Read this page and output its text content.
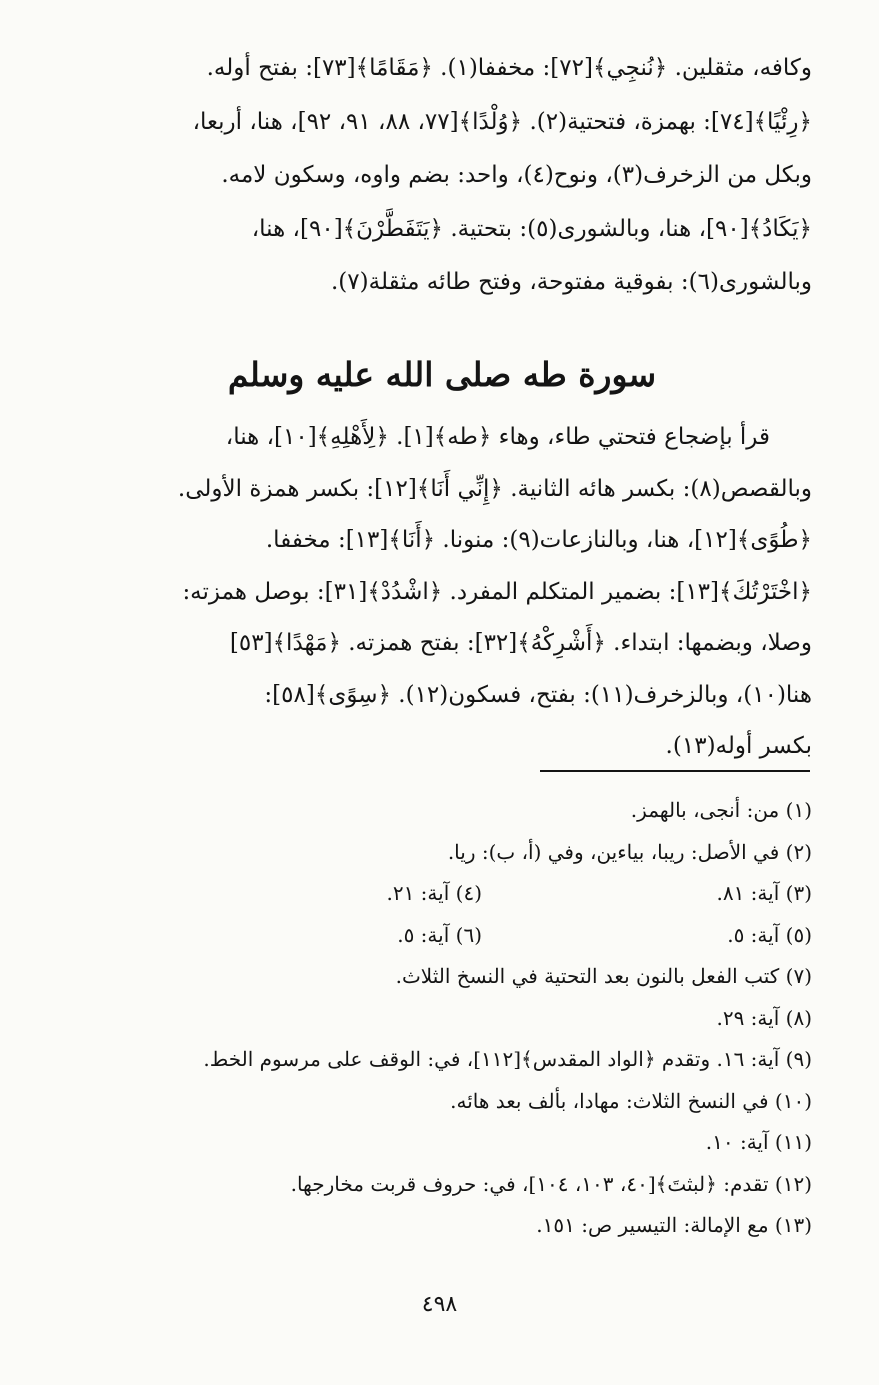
وكافه، مثقلين. ﴿نُنجِي﴾[٧٢]: مخففا(١). ﴿مَقَامًا﴾[٧٣]: بفتح أوله.
﴿رِئْيًا﴾[٧٤]: بهمزة، فتحتية(٢). ﴿وُلْدًا﴾[٧٧، ٨٨، ٩١، ٩٢]، هنا، أربعا،
وبكل من الزخرف(٣)، ونوح(٤)، واحد: بضم واوه، وسكون لامه.
﴿يَكَادُ﴾[٩٠]، هنا، وبالشورى(٥): بتحتية. ﴿يَتَفَطَّرْنَ﴾[٩٠]، هنا،
وبالشورى(٦): بفوقية مفتوحة، وفتح طائه مثقلة(٧).
سورة طه صلى الله عليه وسلم
قرأ بإضجاع فتحتي طاء، وهاء ﴿طه﴾[١]. ﴿لِأَهْلِهِ﴾[١٠]، هنا،
وبالقصص(٨): بكسر هائه الثانية. ﴿إِنِّي أَنَا﴾[١٢]: بكسر همزة الأولى.
﴿طُوًى﴾[١٢]، هنا، وبالنازعات(٩): منونا. ﴿أَنَا﴾[١٣]: مخففا.
﴿اخْتَرْتُكَ﴾[١٣]: بضمير المتكلم المفرد. ﴿اشْدُدْ﴾[٣١]: بوصل همزته:
وصلا، وبضمها: ابتداء. ﴿أَشْرِكْهُ﴾[٣٢]: بفتح همزته. ﴿مَهْدًا﴾[٥٣]
هنا(١٠)، وبالزخرف(١١): بفتح، فسكون(١٢). ﴿سِوًى﴾[٥٨]:
بكسر أوله(١٣).
(١) من: أنجى، بالهمز.
(٢) في الأصل: ريبا، بياءين، وفي (أ، ب): ريا.
(٣) آية: ٨١.
(٤) آية: ٢١.
(٥) آية: ٥.
(٦) آية: ٥.
(٧) كتب الفعل بالنون بعد التحتية في النسخ الثلاث.
(٨) آية: ٢٩.
(٩) آية: ١٦. وتقدم ﴿الواد المقدس﴾[١١٢]، في: الوقف على مرسوم الخط.
(١٠) في النسخ الثلاث: مهادا، بألف بعد هائه.
(١١) آية: ١٠.
(١٢) تقدم: ﴿لبثتَ﴾[٤٠، ١٠٣، ١٠٤]، في: حروف قربت مخارجها.
(١٣) مع الإمالة: التيسير ص: ١٥١.
٤٩٨
